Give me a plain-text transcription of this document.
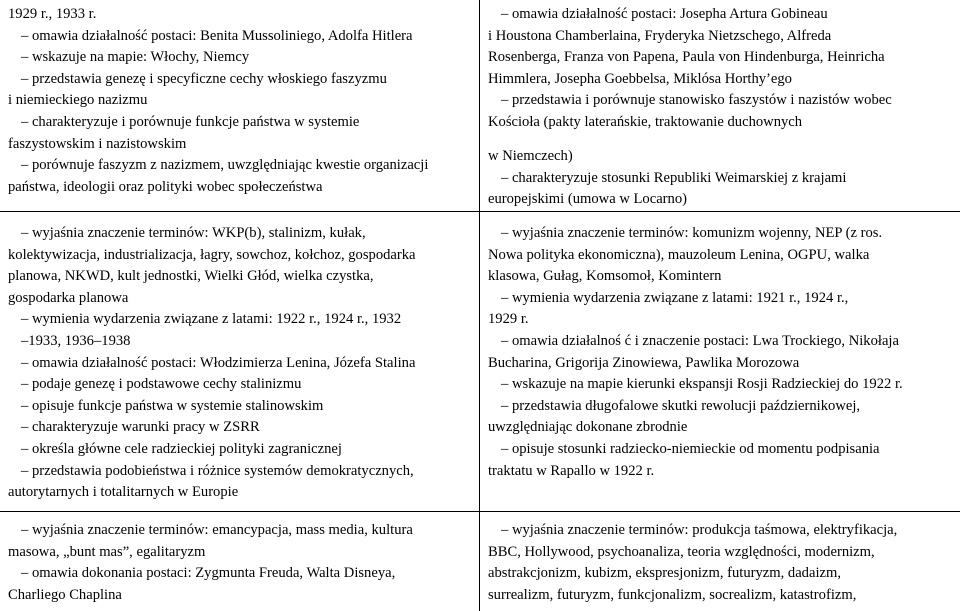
1929 r., 1933 r.
– omawia działalność postaci: Benita Mussoliniego, Adolfa Hitlera
– wskazuje na mapie: Włochy, Niemcy
– przedstawia genezę i specyficzne cechy włoskiego faszyzmu
i niemieckiego nazizmu
– charakteryzuje i porównuje funkcje państwa w systemie
faszystowskim i nazistowskim
– porównuje faszyzm z nazizmem, uwzględniając kwestie organizacji
państwa, ideologii oraz polityki wobec społeczeństwa
– wyjaśnia znaczenie terminów: WKP(b), stalinizm, kułak,
kolektywizacja, industrializacja, łagry, sowchoz, kołchoz, gospodarka
planowa, NKWD, kult jednostki, Wielki Głód, wielka czystka,
gospodarka planowa
– wymienia wydarzenia związane z latami: 1922 r., 1924 r., 1932
–1933, 1936–1938
– omawia działalność postaci: Włodzimierza Lenina, Józefa Stalina
– podaje genezę i podstawowe cechy stalinizmu
– opisuje funkcje państwa w systemie stalinowskim
– charakteryzuje warunki pracy w ZSRR
– określa główne cele radzieckiej polityki zagranicznej
– przedstawia podobieństwa i różnice systemów demokratycznych,
autorytarnych i totalitarnych w Europie
– wyjaśnia znaczenie terminów: emancypacja, mass media, kultura
masowa, „bunt mas”, egalitaryzm
– omawia dokonania postaci: Zygmunta Freuda, Walta Disneya,
Charliego Chaplina
– omawia działalność postaci: Josepha Artura Gobineau
i Houstona Chamberlaina, Fryderyka Nietzschego, Alfreda
Rosenberga, Franza von Papena, Paula von Hindenburga, Heinricha
Himmlera, Josepha Goebbelsa, Miklósa Horthy’ego
– przedstawia i porównuje stanowisko faszystów i nazistów wobec
Kościoła (pakty laterańskie, traktowanie duchownych
w Niemczech)
– charakteryzuje stosunki Republiki Weimarskiej z krajami
europejskimi (umowa w Locarno)
– wyjaśnia znaczenie terminów: komunizm wojenny, NEP (z ros.
Nowa polityka ekonomiczna), mauzoleum Lenina, OGPU, walka
klasowa, Gułag, Komsomoł, Komintern
– wymienia wydarzenia związane z latami: 1921 r., 1924 r.,
1929 r.
– omawia działalnoś ć i znaczenie postaci: Lwa Trockiego, Nikołaja
Bucharina, Grigorija Zinowiewa, Pawlika Morozowa
– wskazuje na mapie kierunki ekspansji Rosji Radzieckiej do 1922 r.
– przedstawia długofalowe skutki rewolucji październikowej,
uwzględniając dokonane zbrodnie
– opisuje stosunki radziecko-niemieckie od momentu podpisania
traktatu w Rapallo w 1922 r.
– wyjaśnia znaczenie terminów: produkcja taśmowa, elektryfikacja,
BBC, Hollywood, psychoanaliza, teoria względności, modernizm,
abstrakcjonizm, kubizm, ekspresjonizm, futuryzm, dadaizm,
surrealizm, futuryzm, funkcjonalizm, socrealizm, katastrofizm,
